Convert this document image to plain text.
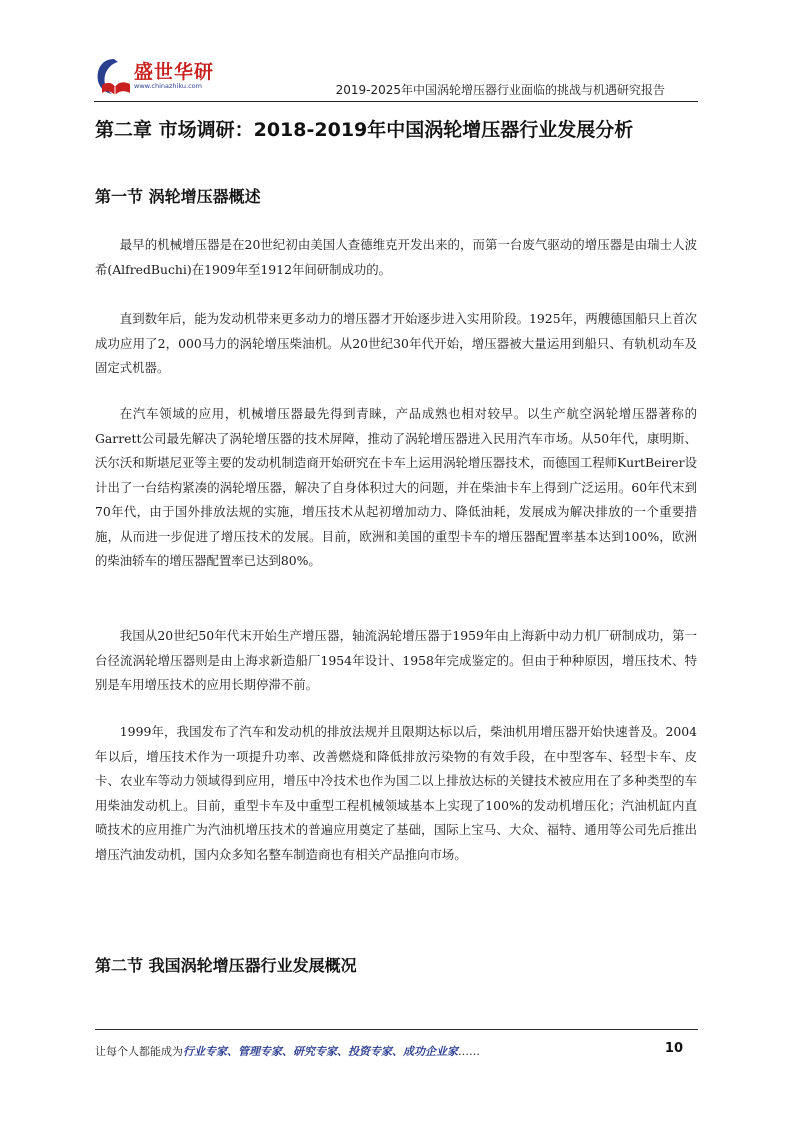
盛世华研
www.chinazhiku.com	2019-2025年中国涡轮增压器行业面临的挑战与机遇研究报告
第二章 市场调研：2018-2019年中国涡轮增压器行业发展分析
第一节 涡轮增压器概述

最早的机械增压器是在20世纪初由美国人查德维克开发出来的，而第一台废气驱动的增压器是由瑞士人波希(AlfredBuchi)在1909年至1912年间研制成功的。

直到数年后，能为发动机带来更多动力的增压器才开始逐步进入实用阶段。1925年，两艘德国船只上首次成功应用了2，000马力的涡轮增压柴油机。从20世纪30年代开始，增压器被大量运用到船只、有轨机动车及固定式机器。

在汽车领域的应用，机械增压器最先得到青睐，产品成熟也相对较早。以生产航空涡轮增压器著称的Garrett公司最先解决了涡轮增压器的技术屏障，推动了涡轮增压器进入民用汽车市场。从50年代，康明斯、沃尔沃和斯堪尼亚等主要的发动机制造商开始研究在卡车上运用涡轮增压器技术，而德国工程师KurtBeirer设计出了一台结构紧凑的涡轮增压器，解决了自身体积过大的问题，并在柴油卡车上得到广泛运用。60年代末到70年代，由于国外排放法规的实施，增压技术从起初增加动力、降低油耗，发展成为解决排放的一个重要措施，从而进一步促进了增压技术的发展。目前，欧洲和美国的重型卡车的增压器配置率基本达到100%，欧洲的柴油轿车的增压器配置率已达到80%。

我国从20世纪50年代末开始生产增压器，轴流涡轮增压器于1959年由上海新中动力机厂研制成功，第一台径流涡轮增压器则是由上海求新造船厂1954年设计、1958年完成鉴定的。但由于种种原因，增压技术、特别是车用增压技术的应用长期停滞不前。

1999年，我国发布了汽车和发动机的排放法规并且限期达标以后，柴油机用增压器开始快速普及。2004年以后，增压技术作为一项提升功率、改善燃烧和降低排放污染物的有效手段，在中型客车、轻型卡车、皮卡、农业车等动力领域得到应用，增压中冷技术也作为国二以上排放达标的关键技术被应用在了多种类型的车用柴油发动机上。目前，重型卡车及中重型工程机械领域基本上实现了100%的发动机增压化；汽油机缸内直喷技术的应用推广为汽油机增压技术的普遍应用奠定了基础，国际上宝马、大众、福特、通用等公司先后推出增压汽油发动机，国内众多知名整车制造商也有相关产品推向市场。

第二节 我国涡轮增压器行业发展概况
让每个人都能成为行业专家、管理专家、研究专家、投资专家、成功企业家……	10
